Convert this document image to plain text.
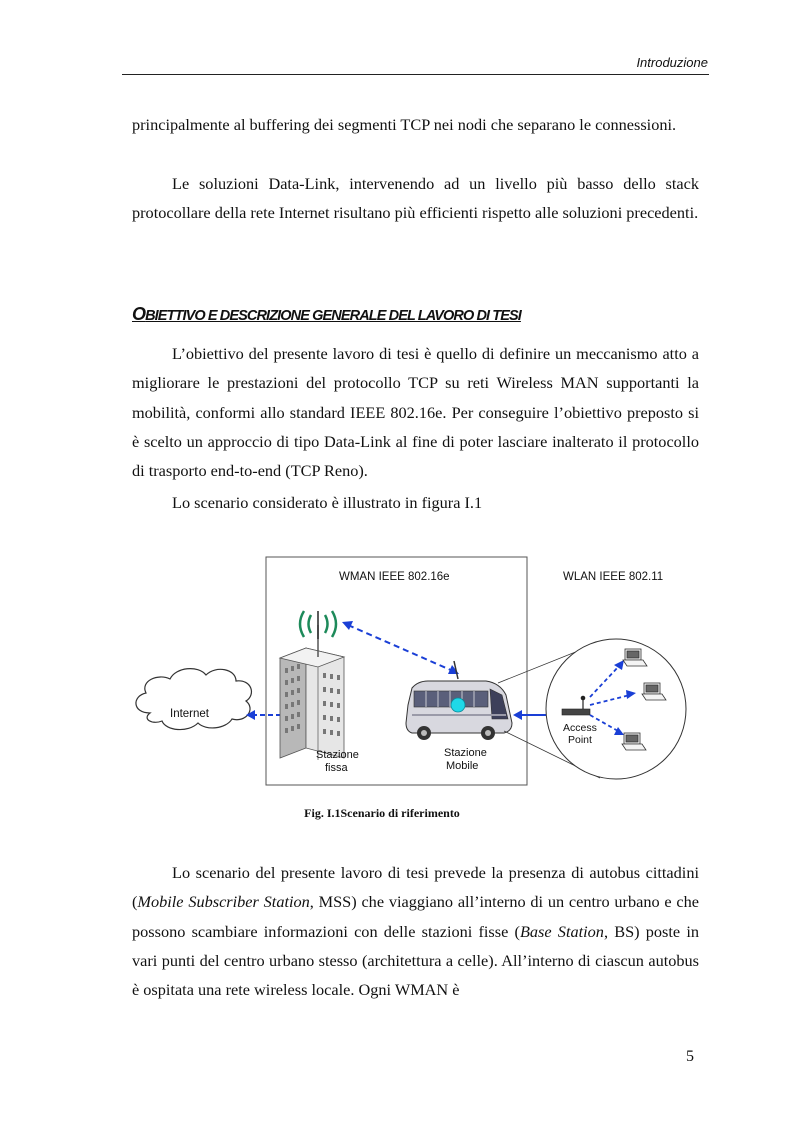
Introduzione

principalmente al buffering dei segmenti TCP nei nodi che separano le connessioni.

Le soluzioni Data-Link, intervenendo ad un livello più basso dello stack protocollare della rete Internet risultano più efficienti rispetto alle soluzioni precedenti.

OBIETTIVO E DESCRIZIONE GENERALE DEL LAVORO DI TESI

L’obiettivo del presente lavoro di tesi è quello di definire un meccanismo atto a migliorare le prestazioni del protocollo TCP su reti Wireless MAN supportanti la mobilità, conformi allo standard IEEE 802.16e. Per conseguire l’obiettivo preposto si è scelto un approccio di tipo Data-Link al fine di poter lasciare inalterato il protocollo di trasporto end-to-end (TCP Reno).

Lo scenario considerato è illustrato in figura I.1

WMAN IEEE 802.16e	WLAN IEEE 802.11
Internet
Stazione
fissa
Stazione
Mobile
Access
Point

Fig. I.1Scenario di riferimento

Lo scenario del presente lavoro di tesi prevede la presenza di autobus cittadini (Mobile Subscriber Station, MSS) che viaggiano all’interno di un centro urbano e che possono scambiare informazioni con delle stazioni fisse (Base Station, BS) poste in vari punti del centro urbano stesso (architettura a celle). All’interno di ciascun autobus è ospitata una rete wireless locale. Ogni WMAN è

5
